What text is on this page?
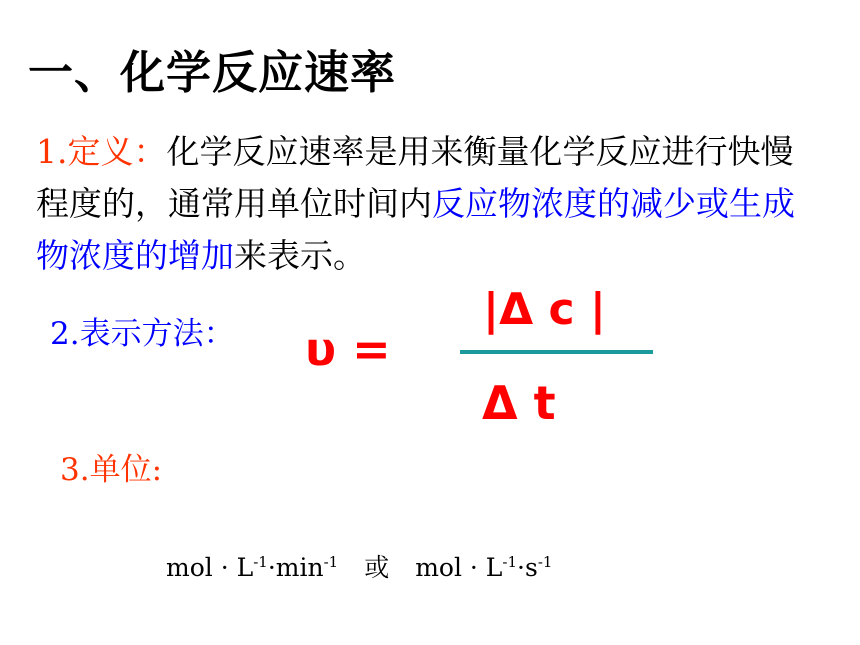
一、化学反应速率
1.定义：化学反应速率是用来衡量化学反应进行快慢程度的，通常用单位时间内反应物浓度的减少或生成物浓度的增加来表示。
2.表示方法： υ =
|Δ c |
Δ t
3.单位:
mol · $L^{-1}\cdot\min^{-1}$ 或 mol · $L^{-1}\cdot s^{-1}$
